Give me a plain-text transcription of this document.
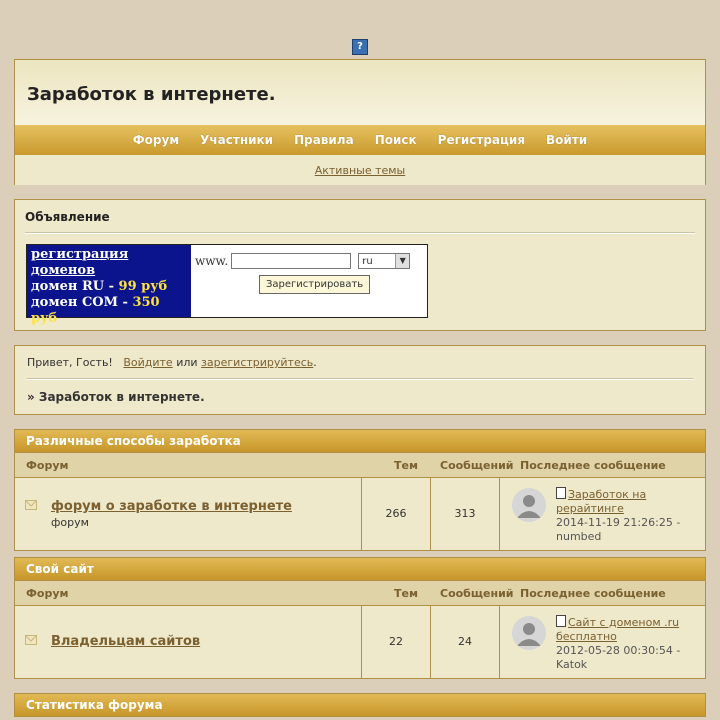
?
Заработок в интернете.
Форум Участники Правила Поиск Регистрация Войти
Активные темы
Объявление
регистрация
доменов
домен RU - 99 руб
домен COM - 350 руб
www.	ru	▼
Зарегистрировать
Привет, Гость! Войдите или зарегистрируйтесь.
» Заработок в интернете.
Различные способы заработка
Форум	Тем	Сообщений Последнее сообщение
форум о заработке в интернете
форум
266	313
Заработок на
рерайтинге
2014-11-19 21:26:25 -
numbed
Свой сайт
Форум	Тем	Сообщений Последнее сообщение
Владельцам сайтов	22	24
Сайт с доменом .ru
бесплатно
2012-05-28 00:30:54 -
Katok
Статистика форума
